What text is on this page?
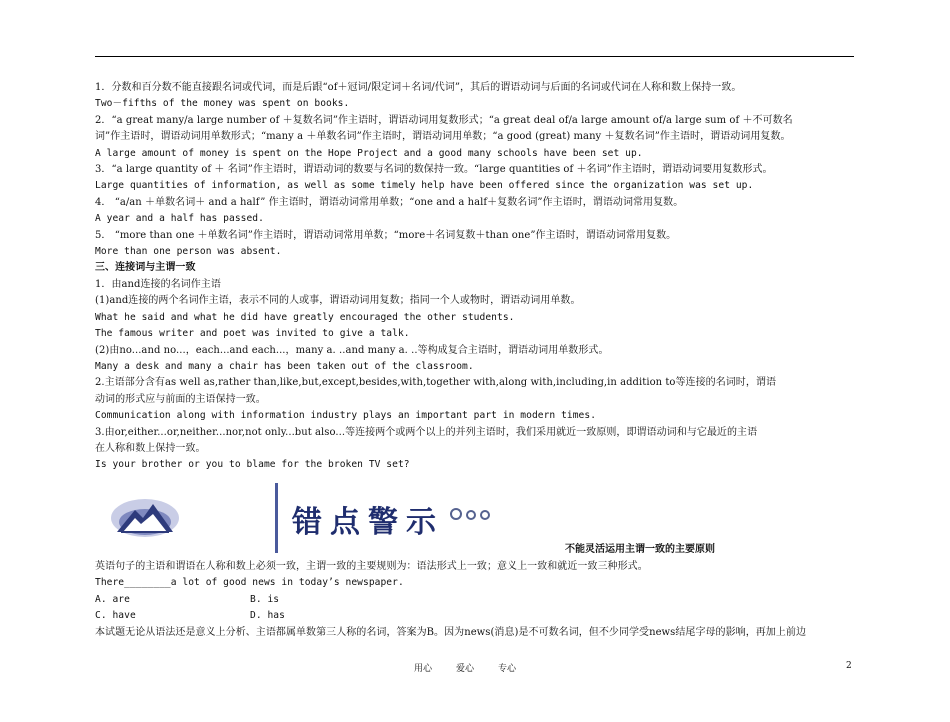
1．分数和百分数不能直接跟名词或代词，而是后跟“of＋冠词/限定词＋名词/代词”，其后的谓语动词与后面的名词或代词在人称和数上保持一致。
Two－fifths of the money was spent on books.
2．“a great many/a large number of ＋复数名词”作主语时，谓语动词用复数形式；“a great deal of/a large amount of/a large sum of ＋不可数名
词”作主语时，谓语动词用单数形式；“many a ＋单数名词”作主语时，谓语动词用单数；“a good (great) many ＋复数名词”作主语时，谓语动词用复数。
A large amount of money is spent on the Hope Project and a good many schools have been set up.
3．“a large quantity of ＋ 名词”作主语时，谓语动词的数要与名词的数保持一致。“large quantities of ＋名词”作主语时，谓语动词要用复数形式。
Large quantities of information, as well as some timely help have been offered since the organization was set up.
4． “a/an ＋单数名词＋ and a half” 作主语时，谓语动词常用单数；“one and a half＋复数名词”作主语时，谓语动词常用复数。
A year and a half has passed.
5． “more than one ＋单数名词”作主语时，谓语动词常用单数；“more＋名词复数＋than one”作主语时，谓语动词常用复数。
More than one person was absent.
三、连接词与主谓一致
1．由and连接的名词作主语
(1)and连接的两个名词作主语，表示不同的人或事，谓语动词用复数；指同一个人或物时，谓语动词用单数。
What he said and what he did have greatly encouraged the other students.
The famous writer and poet was invited to give a talk.
(2)由no...and no...，each...and each...，many a. ..and many a. ..等构成复合主语时，谓语动词用单数形式。
Many a desk and many a chair has been taken out of the classroom.
2.主语部分含有as well as,rather than,like,but,except,besides,with,together with,along with,including,in addition to等连接的名词时，谓语
动词的形式应与前面的主语保持一致。
Communication along with information industry plays an important part in modern times.
3.由or,either...or,neither...nor,not only...but also...等连接两个或两个以上的并列主语时，我们采用就近一致原则，即谓语动词和与它最近的主语
在人称和数上保持一致。
Is your brother or you to blame for the broken TV set?
错点警示
不能灵活运用主谓一致的主要原则
英语句子的主语和谓语在人称和数上必须一致，主谓一致的主要规则为：语法形式上一致；意义上一致和就近一致三种形式。
There________a lot of good news in today’s newspaper.
A. are	B. is
C. have	D. has
本试题无论从语法还是意义上分析、主语都属单数第三人称的名词，答案为B。因为news(消息)是不可数名词，但不少同学受news结尾字母的影响，再加上前边
用心	爱心	专心	2
